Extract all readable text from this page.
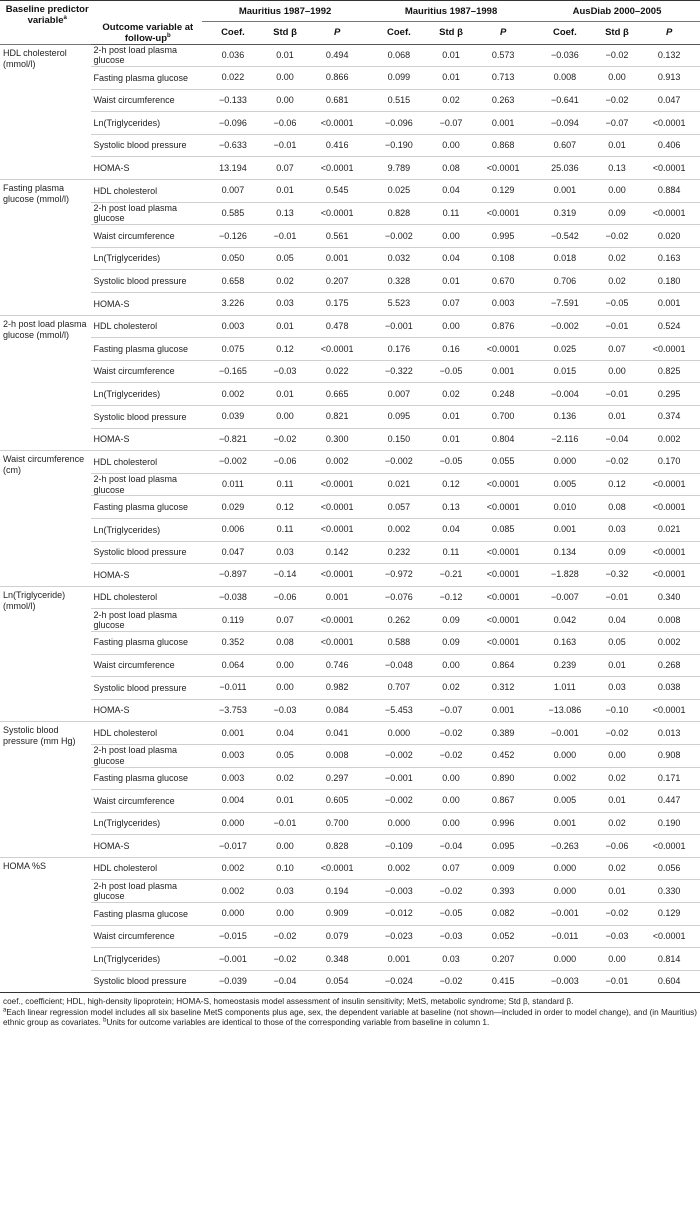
Baseline predictor variable$^a$		Mauritius 1987–1992			Mauritius 1987–1998			AusDiab 2000–2005		
	Outcome variable at follow-$up^b$	Coef.	Std β	P	Coef.	Std β	P	Coef.	Std β	P
HDL cholesterol (mmol/l)	2-h post load plasma glucose	0.036	0.01	0.494	0.068	0.01	0.573	−0.036	−0.02	0.132
	Fasting plasma glucose	0.022	0.00	0.866	0.099	0.01	0.713	0.008	0.00	0.913
	Waist circumference	−0.133	0.00	0.681	0.515	0.02	0.263	−0.641	−0.02	0.047
	Ln(Triglycerides)	−0.096	−0.06	<0.0001	−0.096	−0.07	0.001	−0.094	−0.07	<0.0001
	Systolic blood pressure	−0.633	−0.01	0.416	−0.190	0.00	0.868	0.607	0.01	0.406
	HOMA-S	13.194	0.07	<0.0001	9.789	0.08	<0.0001	25.036	0.13	<0.0001
Fasting plasma glucose (mmol/l)	HDL cholesterol	0.007	0.01	0.545	0.025	0.04	0.129	0.001	0.00	0.884
	2-h post load plasma glucose	0.585	0.13	<0.0001	0.828	0.11	<0.0001	0.319	0.09	<0.0001
	Waist circumference	−0.126	−0.01	0.561	−0.002	0.00	0.995	−0.542	−0.02	0.020
	Ln(Triglycerides)	0.050	0.05	0.001	0.032	0.04	0.108	0.018	0.02	0.163
	Systolic blood pressure	0.658	0.02	0.207	0.328	0.01	0.670	0.706	0.02	0.180
	HOMA-S	3.226	0.03	0.175	5.523	0.07	0.003	−7.591	−0.05	0.001
2-h post load plasma glucose (mmol/l)	HDL cholesterol	0.003	0.01	0.478	−0.001	0.00	0.876	−0.002	−0.01	0.524
	Fasting plasma glucose	0.075	0.12	<0.0001	0.176	0.16	<0.0001	0.025	0.07	<0.0001
	Waist circumference	−0.165	−0.03	0.022	−0.322	−0.05	0.001	0.015	0.00	0.825
	Ln(Triglycerides)	0.002	0.01	0.665	0.007	0.02	0.248	−0.004	−0.01	0.295
	Systolic blood pressure	0.039	0.00	0.821	0.095	0.01	0.700	0.136	0.01	0.374
	HOMA-S	−0.821	−0.02	0.300	0.150	0.01	0.804	−2.116	−0.04	0.002
Waist circumference (cm)	HDL cholesterol	−0.002	−0.06	0.002	−0.002	−0.05	0.055	0.000	−0.02	0.170
	2-h post load plasma glucose	0.011	0.11	<0.0001	0.021	0.12	<0.0001	0.005	0.12	<0.0001
	Fasting plasma glucose	0.029	0.12	<0.0001	0.057	0.13	<0.0001	0.010	0.08	<0.0001
	Ln(Triglycerides)	0.006	0.11	<0.0001	0.002	0.04	0.085	0.001	0.03	0.021
	Systolic blood pressure	0.047	0.03	0.142	0.232	0.11	<0.0001	0.134	0.09	<0.0001
	HOMA-S	−0.897	−0.14	<0.0001	−0.972	−0.21	<0.0001	−1.828	−0.32	<0.0001
Ln(Triglyceride) (mmol/l)	HDL cholesterol	−0.038	−0.06	0.001	−0.076	−0.12	<0.0001	−0.007	−0.01	0.340
	2-h post load plasma glucose	0.119	0.07	<0.0001	0.262	0.09	<0.0001	0.042	0.04	0.008
	Fasting plasma glucose	0.352	0.08	<0.0001	0.588	0.09	<0.0001	0.163	0.05	0.002
	Waist circumference	0.064	0.00	0.746	−0.048	0.00	0.864	0.239	0.01	0.268
	Systolic blood pressure	−0.011	0.00	0.982	0.707	0.02	0.312	1.011	0.03	0.038
	HOMA-S	−3.753	−0.03	0.084	−5.453	−0.07	0.001	−13.086	−0.10	<0.0001
Systolic blood pressure (mm Hg)	HDL cholesterol	0.001	0.04	0.041	0.000	−0.02	0.389	−0.001	−0.02	0.013
	2-h post load plasma glucose	0.003	0.05	0.008	−0.002	−0.02	0.452	0.000	0.00	0.908
	Fasting plasma glucose	0.003	0.02	0.297	−0.001	0.00	0.890	0.002	0.02	0.171
	Waist circumference	0.004	0.01	0.605	−0.002	0.00	0.867	0.005	0.01	0.447
	Ln(Triglycerides)	0.000	−0.01	0.700	0.000	0.00	0.996	0.001	0.02	0.190
	HOMA-S	−0.017	0.00	0.828	−0.109	−0.04	0.095	−0.263	−0.06	<0.0001
HOMA %S	HDL cholesterol	0.002	0.10	<0.0001	0.002	0.07	0.009	0.000	0.02	0.056
	2-h post load plasma glucose	0.002	0.03	0.194	−0.003	−0.02	0.393	0.000	0.01	0.330
	Fasting plasma glucose	0.000	0.00	0.909	−0.012	−0.05	0.082	−0.001	−0.02	0.129
	Waist circumference	−0.015	−0.02	0.079	−0.023	−0.03	0.052	−0.011	−0.03	<0.0001
	Ln(Triglycerides)	−0.001	−0.02	0.348	0.001	0.03	0.207	0.000	0.00	0.814
	Systolic blood pressure	−0.039	−0.04	0.054	−0.024	−0.02	0.415	−0.003	−0.01	0.604

coef., coefficient; HDL, high-density lipoprotein; HOMA-S, homeostasis model assessment of insulin sensitivity; MetS, metabolic syndrome; Std β, standard β.

$^a$Each linear regression model includes all six baseline MetS components plus age, sex, the dependent variable at baseline (not shown—included in order to model change), and (in Mauritius) ethnic group as covariates. $^b$Units for outcome variables are identical to those of the corresponding variable from baseline in column 1.
